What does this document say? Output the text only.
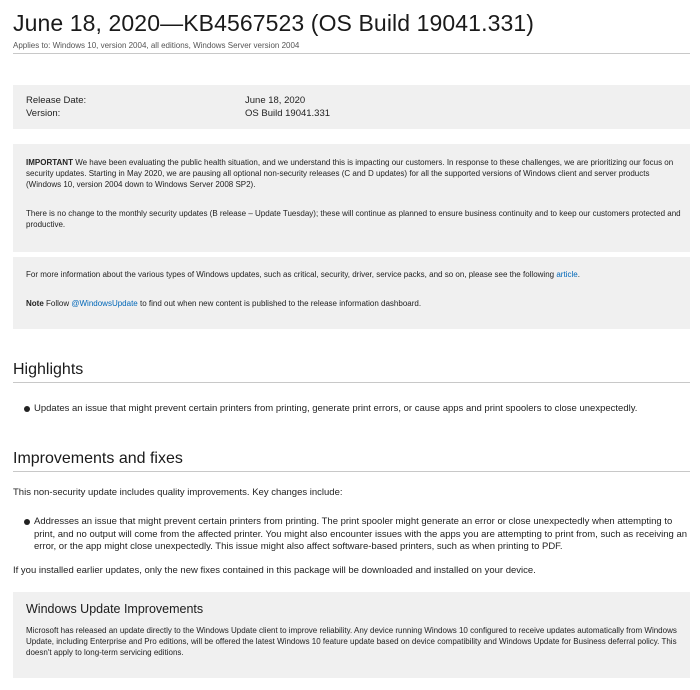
June 18, 2020—KB4567523 (OS Build 19041.331)
Applies to: Windows 10, version 2004, all editions, Windows Server version 2004
Release Date:	June 18, 2020
Version:	OS Build 19041.331

IMPORTANT We have been evaluating the public health situation, and we understand this is impacting our customers. In response to these challenges, we are prioritizing our focus on security updates. Starting in May 2020, we are pausing all optional non-security releases (C and D updates) for all the supported versions of Windows client and server products (Windows 10, version 2004 down to Windows Server 2008 SP2).

There is no change to the monthly security updates (B release – Update Tuesday); these will continue as planned to ensure business continuity and to keep our customers protected and productive.

For more information about the various types of Windows updates, such as critical, security, driver, service packs, and so on, please see the following article.

Note Follow @WindowsUpdate to find out when new content is published to the release information dashboard.

Highlights

Updates an issue that might prevent certain printers from printing, generate print errors, or cause apps and print spoolers to close unexpectedly.

Improvements and fixes

This non-security update includes quality improvements. Key changes include:

Addresses an issue that might prevent certain printers from printing. The print spooler might generate an error or close unexpectedly when attempting to print, and no output will come from the affected printer. You might also encounter issues with the apps you are attempting to print from, such as receiving an error, or the app might close unexpectedly. This issue might also affect software-based printers, such as when printing to PDF.

If you installed earlier updates, only the new fixes contained in this package will be downloaded and installed on your device.

Windows Update Improvements

Microsoft has released an update directly to the Windows Update client to improve reliability. Any device running Windows 10 configured to receive updates automatically from Windows Update, including Enterprise and Pro editions, will be offered the latest Windows 10 feature update based on device compatibility and Windows Update for Business deferral policy. This doesn't apply to long-term servicing editions.
